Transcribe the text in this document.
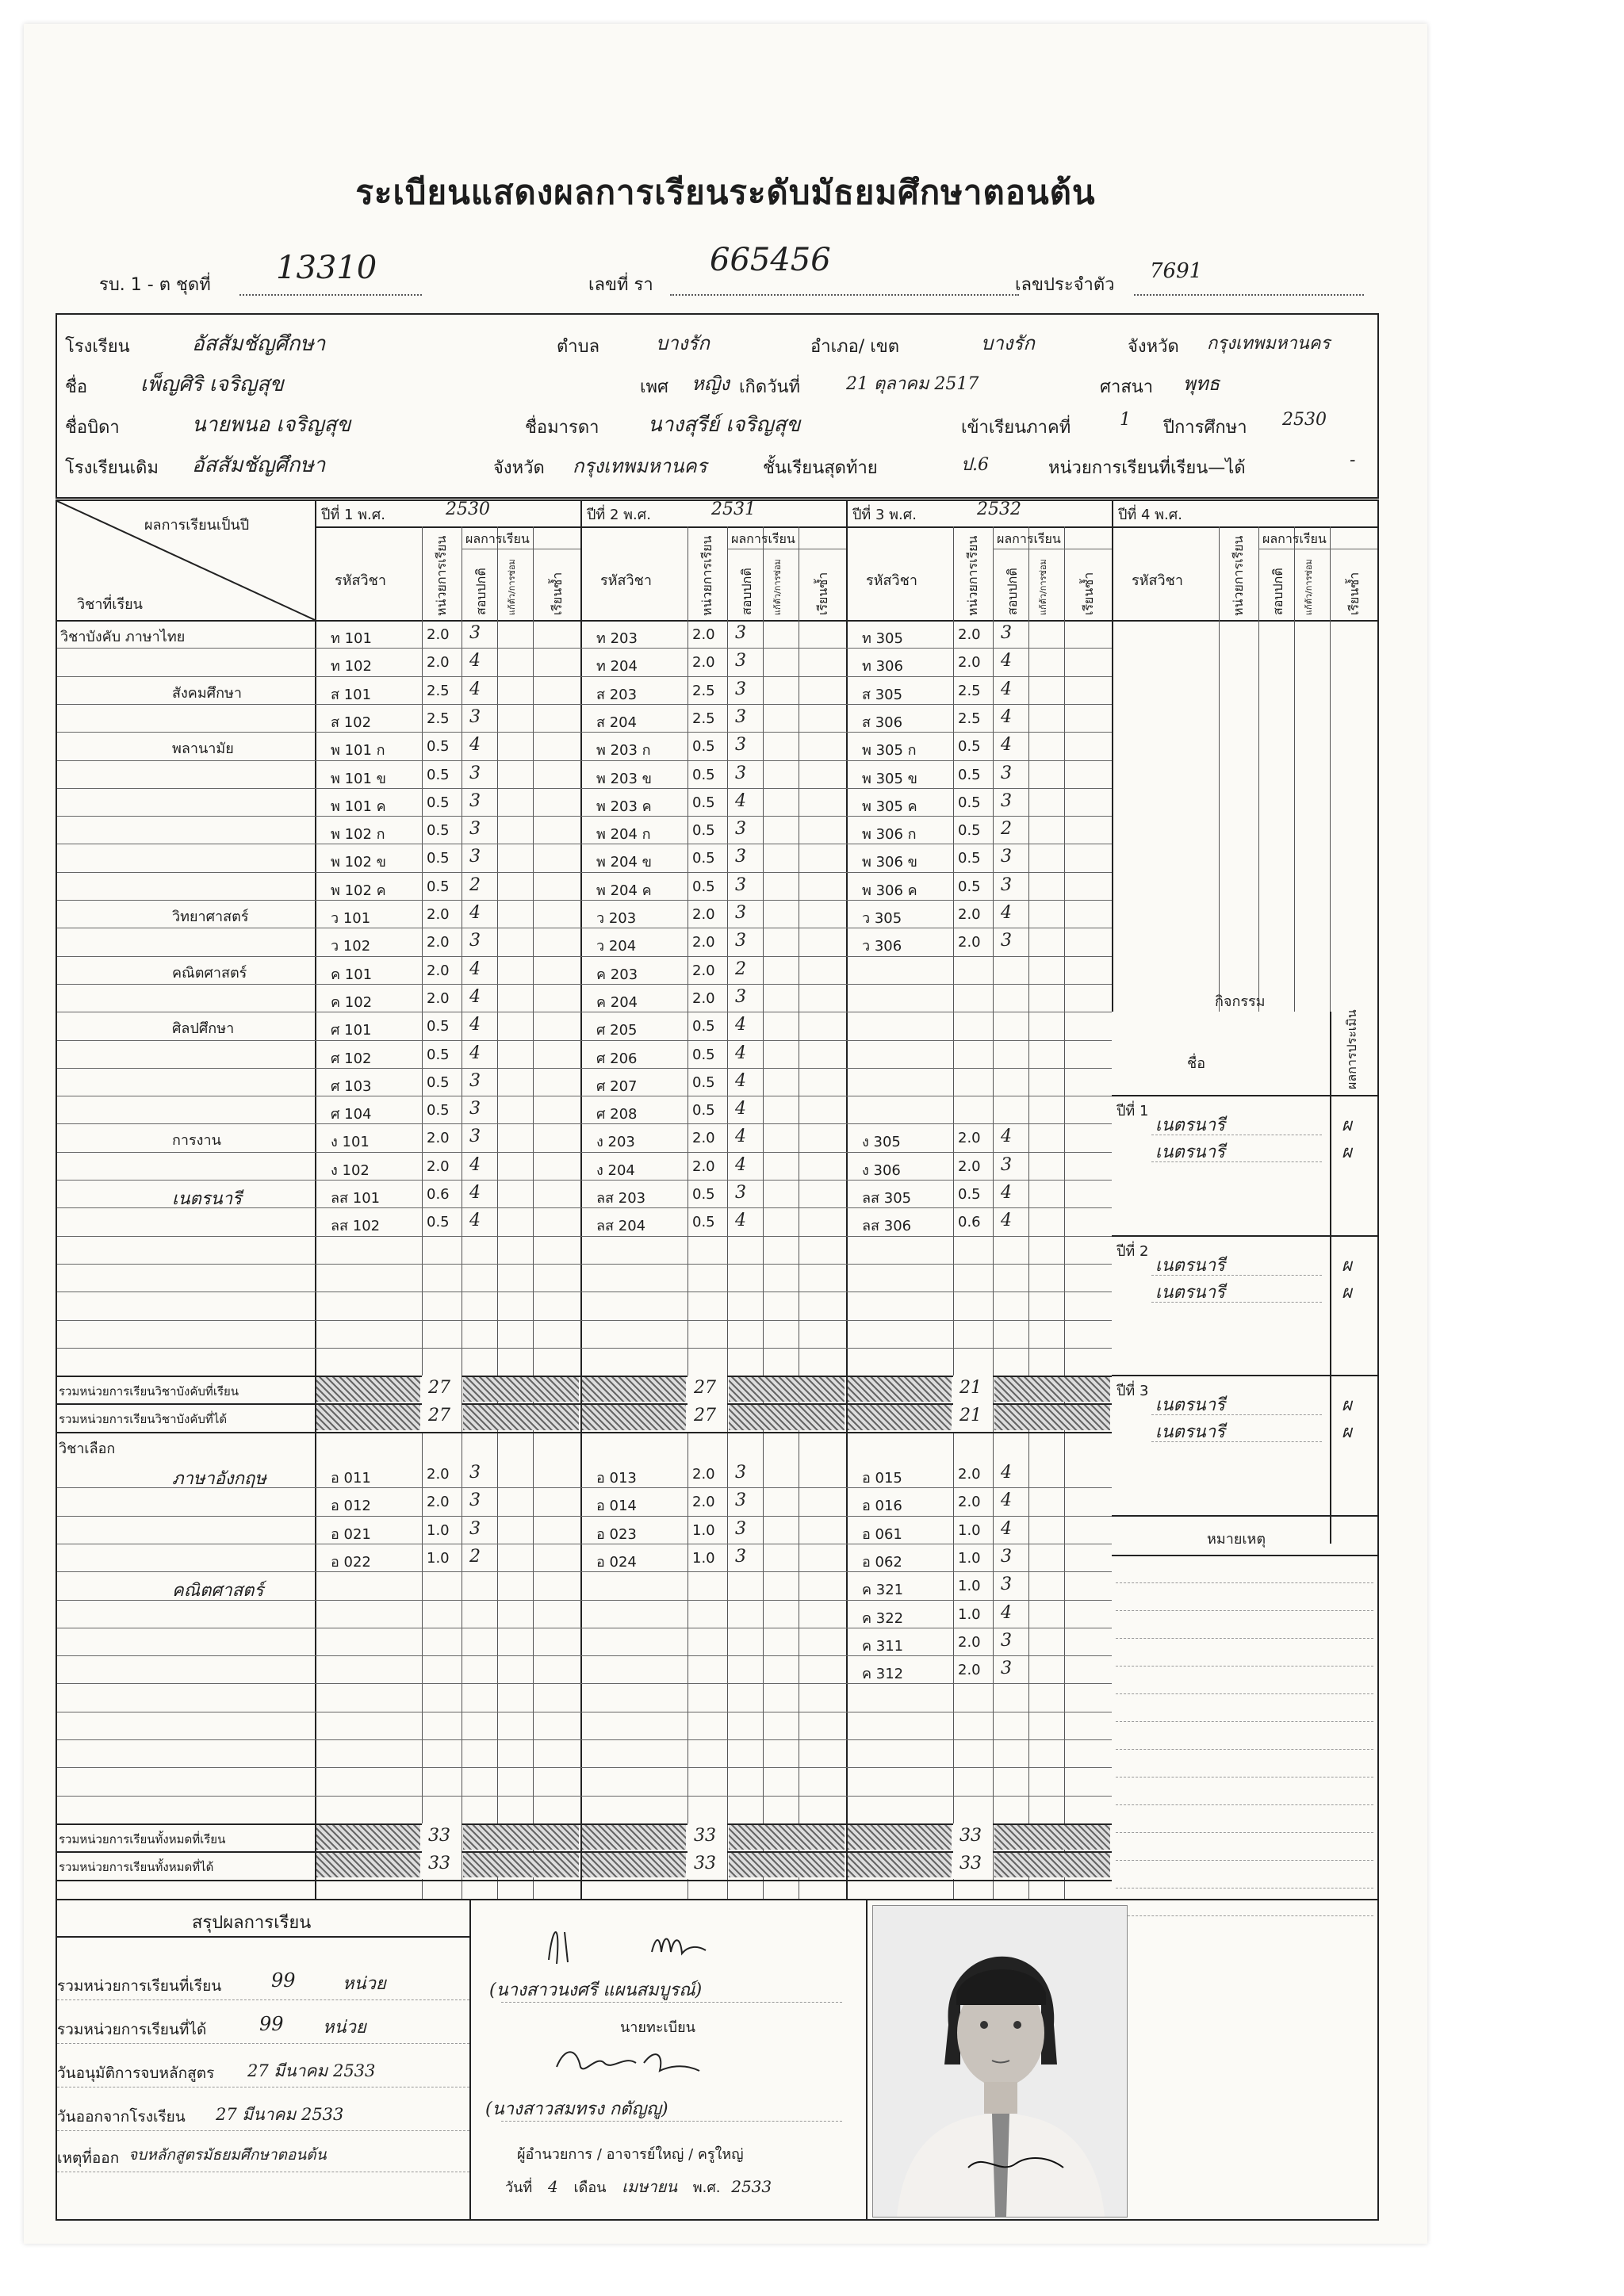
ระเบียนแสดงผลการเรียนระดับมัธยมศึกษาตอนต้น
รบ. 1 - ต ชุดที่ 13310	เลขที่ รา
665456
เลขประจำตัว
7691
โรงเรียน	อัสสัมชัญศึกษา	ตำบล	บางรัก	อำเภอ/ เขต	บางรัก	จังหวัด กรุงเทพมหานคร
ชื่อ	เพ็ญศิริ เจริญสุข	เพศ หญิง เกิดวันที่	21 ตุลาคม 2517	ศาสนา พุทธ
ชื่อบิดา	นายพนอ เจริญสุข	ชื่อมารดา นางสุรีย์ เจริญสุข	เข้าเรียนภาคที่	1 ปีการศึกษา 2530
โรงเรียนเดิม อัสสัมชัญศึกษา	จังหวัด กรุงเทพมหานคร	ชั้นเรียนสุดท้าย	ป.6	หน่วยการเรียนที่เรียน—ได้	-
ผลการเรียนเป็นปี
วิชาที่เรียน
ปีที่ 1 พ.ศ.	2530
รหัสวิชา	หน่วยการเรียน ผลการเรียน
สอบปกติ แก้ตัว/การซ่อม	เรียนซ้ำ
ปีที่ 2 พ.ศ.	2531
รหัสวิชา	หน่วยการเรียน ผลการเรียน
สอบปกติ แก้ตัว/การซ่อม	เรียนซ้ำ
ปีที่ 3 พ.ศ.	2532
รหัสวิชา	หน่วยการเรียน ผลการเรียน
สอบปกติ แก้ตัว/การซ่อม	เรียนซ้ำ
ปีที่ 4 พ.ศ.
รหัสวิชา	หน่วยการเรียน ผลการเรียน
สอบปกติ แก้ตัว/การซ่อม	เรียนซ้ำ
วิชาบังคับ ภาษาไทย	ท 101	2.0 3	ท 203	2.0 3	ท 305	2.0 3
ท 102	2.0 4	ท 204	2.0 3	ท 306	2.0 4
สังคมศึกษา	ส 101	2.5 4	ส 203	2.5 3	ส 305	2.5 4
ส 102	2.5 3	ส 204	2.5 3	ส 306	2.5 4
พลานามัย	พ 101 ก	0.5 4	พ 203 ก	0.5 3	พ 305 ก	0.5 4
พ 101 ข	0.5 3	พ 203 ข	0.5 3	พ 305 ข	0.5 3
พ 101 ค	0.5 3	พ 203 ค	0.5 4	พ 305 ค	0.5 3
พ 102 ก	0.5 3	พ 204 ก	0.5 3	พ 306 ก	0.5 2
พ 102 ข	0.5 3	พ 204 ข	0.5 3	พ 306 ข	0.5 3
พ 102 ค	0.5 2	พ 204 ค	0.5 3	พ 306 ค	0.5 3
วิทยาศาสตร์	ว 101	2.0 4	ว 203	2.0 3	ว 305	2.0 4
ว 102	2.0 3	ว 204	2.0 3	ว 306	2.0 3
คณิตศาสตร์	ค 101	2.0 4	ค 203	2.0 2
ค 102	2.0 4	ค 204	2.0 3
ศิลปศึกษา	ศ 101	0.5 4	ศ 205	0.5 4
ศ 102	0.5 4	ศ 206	0.5 4
ศ 103	0.5 3	ศ 207	0.5 4
ศ 104	0.5 3	ศ 208	0.5 4
การงาน	ง 101	2.0 3	ง 203	2.0 4	ง 305	2.0 4
ง 102	2.0 4	ง 204	2.0 4	ง 306	2.0 3
เนตรนารี	ลส 101	0.6 4	ลส 203	0.5 3	ลส 305	0.5 4
ลส 102	0.5 4	ลส 204	0.5 4	ลส 306	0.6 4
รวมหน่วยการเรียนวิชาบังคับที่เรียน	27	27	21
รวมหน่วยการเรียนวิชาบังคับที่ได้	27	27	21
วิชาเลือก
ภาษาอังกฤษ	อ 011	2.0 3	อ 013	2.0 3	อ 015	2.0 4
อ 012	2.0 3	อ 014	2.0 3	อ 016	2.0 4
อ 021	1.0 3	อ 023	1.0 3	อ 061	1.0 4
อ 022	1.0 2	อ 024	1.0 3	อ 062	1.0 3
คณิตศาสตร์	ค 321	1.0 3
ค 322	1.0 4
ค 311	2.0 3
ค 312	2.0 3
รวมหน่วยการเรียนทั้งหมดที่เรียน	33	33	33
รวมหน่วยการเรียนทั้งหมดที่ได้	33	33	33
กิจกรรม
ชื่อ	ผลการประเมิน
ปีที่ 1
เนตรนารี	ผ
เนตรนารี	ผ
ปีที่ 2
เนตรนารี	ผ
เนตรนารี	ผ
ปีที่ 3
เนตรนารี	ผ
เนตรนารี	ผ
หมายเหตุ
สรุปผลการเรียน
รวมหน่วยการเรียนที่เรียน	99	หน่วย
รวมหน่วยการเรียนที่ได้	99 หน่วย
วันอนุมัติการจบหลักสูตร 27 มีนาคม 2533
วันออกจากโรงเรียน 27 มีนาคม 2533
เหตุที่ออก จบหลักสูตรมัธยมศึกษาตอนต้น
(นางสาวนงศรี แผนสมบูรณ์)
นายทะเบียน
(นางสาวสมทรง กตัญญู)
ผู้อำนวยการ / อาจารย์ใหญ่ / ครูใหญ่
วันที่ 4 เดือน เมษายน พ.ศ. 2533
